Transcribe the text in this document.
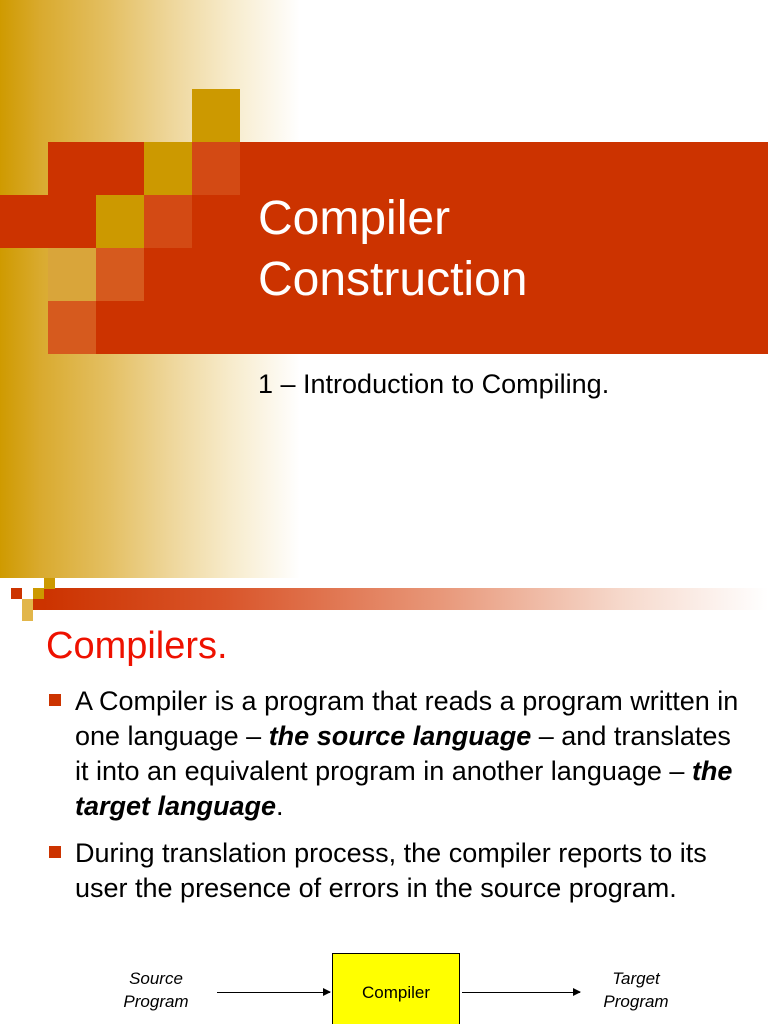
Compiler
Construction

1 – Introduction to Compiling.

Compilers.
A Compiler is a program that reads a program written in one language – the source language – and translates it into an equivalent program in another language – the target language.
During translation process, the compiler reports to its user the presence of errors in the source program.
Source
Program	Compiler
Target
Program
